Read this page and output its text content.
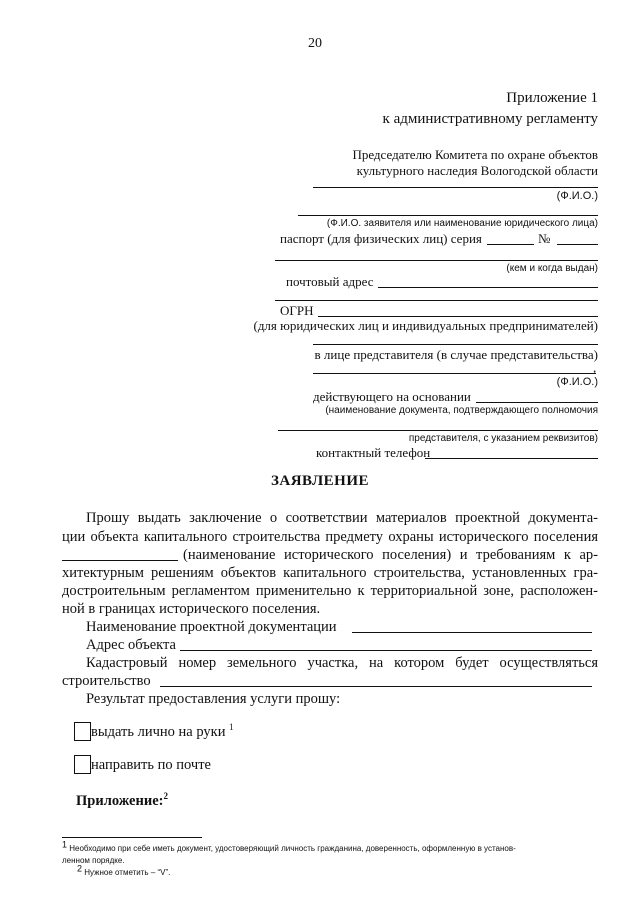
20
Приложение 1
к административному регламенту
Председателю Комитета по охране объектов
культурного наследия Вологодской области
(Ф.И.О.)
(Ф.И.О. заявителя или наименование юридического лица)
паспорт (для физических лиц) серия	№
(кем и когда выдан)
почтовый адрес
ОГРН
(для юридических лиц и индивидуальных предпринимателей)
в лице представителя (в случае представительства)
,
(Ф.И.О.)
действующего на основании
(наименование документа, подтверждающего полномочия
представителя, с указанием реквизитов)
контактный телефон
ЗАЯВЛЕНИЕ
Прошу выдать заключение о соответствии материалов проектной документа-
ции объекта капитального строительства предмету охраны исторического поселения
(наименование исторического поселения) и требованиям к ар-
хитектурным решениям объектов капитального строительства, установленных гра-
достроительным регламентом применительно к территориальной зоне, расположен-
ной в границах исторического поселения.
Наименование проектной документации
Адрес объекта
Кадастровый номер земельного участка, на котором будет осуществляться
строительство
Результат предоставления услуги прошу:
выдать лично на руки $^1$
направить по почте
Приложение:$^2$
$^1$ Необходимо при себе иметь документ, удостоверяющий личность гражданина, доверенность, оформленную в установ-
ленном порядке.
$^2$ Нужное отметить – “V”.
